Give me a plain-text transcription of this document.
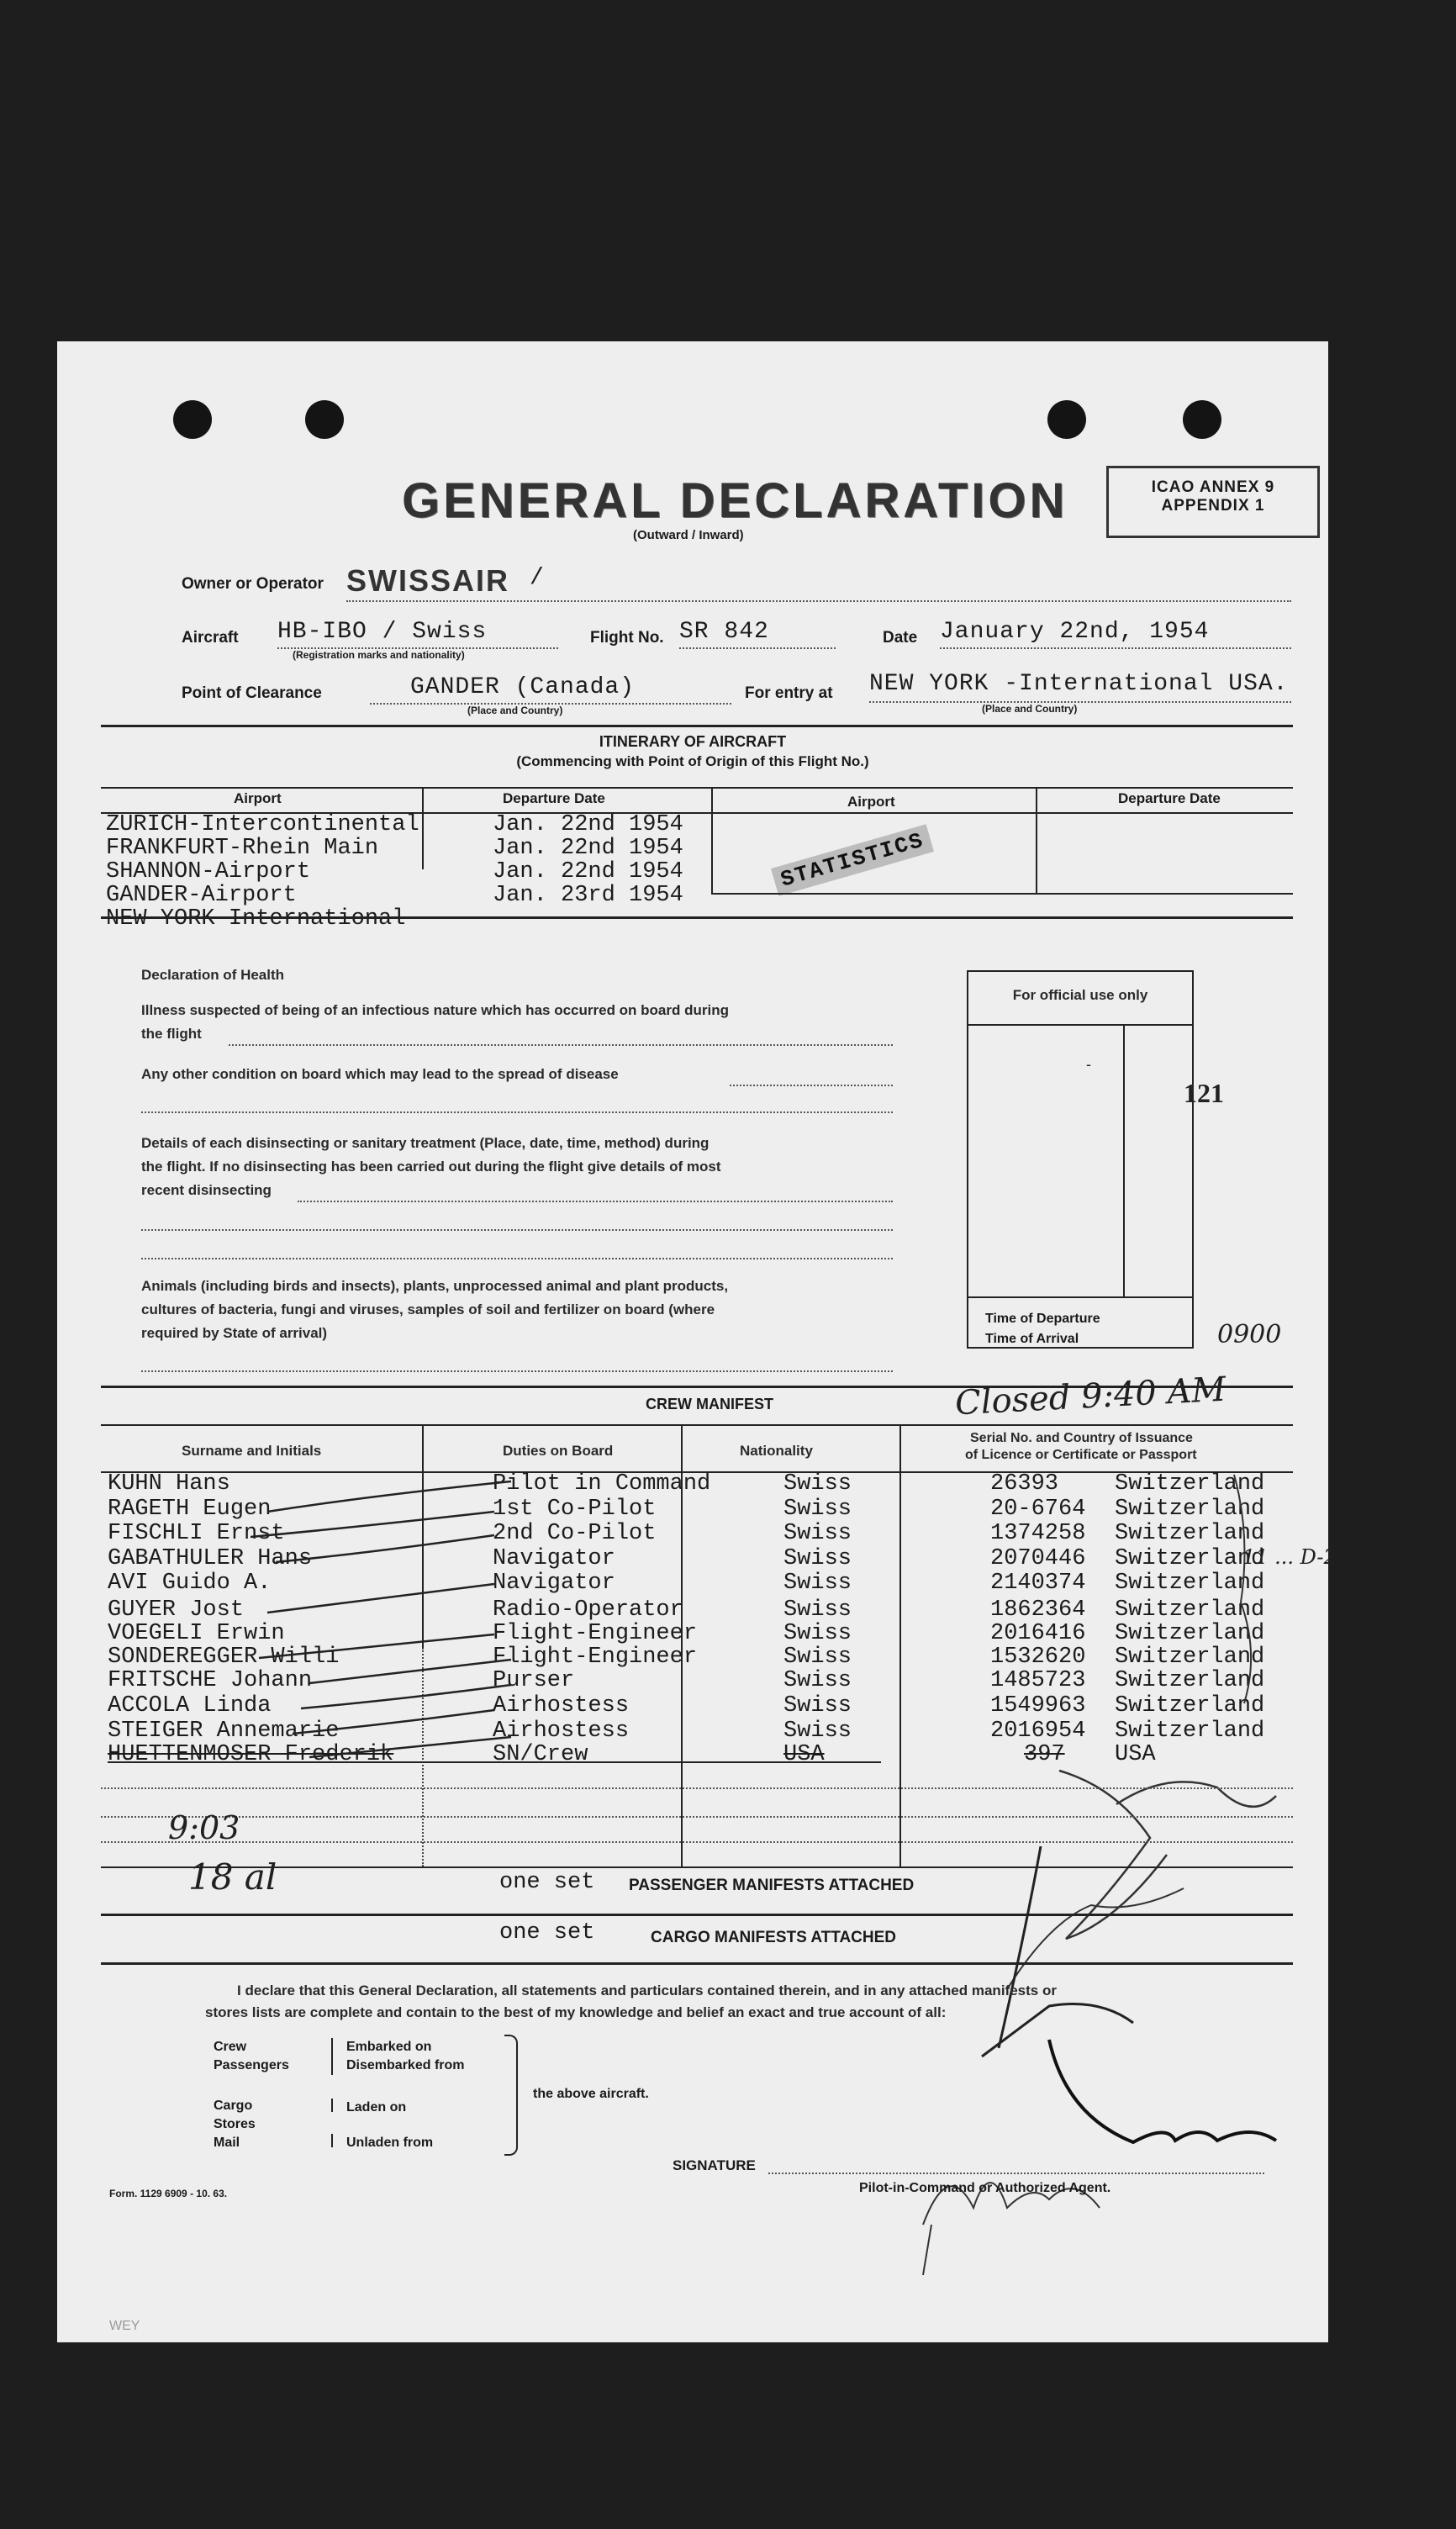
GENERAL DECLARATION
(Outward / Inward)
ICAO ANNEX 9
APPENDIX 1
Owner or Operator SWISSAIR /
Aircraft HB-IBO / Swiss
(Registration marks and nationality)
Flight No. SR 842	Date January 22nd, 1954
Point of Clearance	GANDER (Canada)
(Place and Country)
For entry at NEW YORK -International USA.
(Place and Country)
ITINERARY OF AIRCRAFT
(Commencing with Point of Origin of this Flight No.)
Airport	Departure Date	Airport	Departure Date
ZURICH-Intercontinental	Jan. 22nd 1954
FRANKFURT-Rhein Main	Jan. 22nd 1954
SHANNON-Airport	Jan. 22nd 1954
GANDER-Airport	Jan. 23rd 1954
NEW YORK-International
STATISTICS
Declaration of Health
Illness suspected of being of an infectious nature which has occurred on board during
the flight
Any other condition on board which may lead to the spread of disease
Details of each disinsecting or sanitary treatment (Place, date, time, method) during
the flight. If no disinsecting has been carried out during the flight give details of most
recent disinsecting
Animals (including birds and insects), plants, unprocessed animal and plant products,
cultures of bacteria, fungi and viruses, samples of soil and fertilizer on board (where
required by State of arrival)
For official use only
-
Time of Departure
Time of Arrival
121
0900
CREW MANIFEST	Closed 9:40 AM
Surname and Initials	Duties on Board	Nationality
Serial No. and Country of Issuance
of Licence or Certificate or Passport
KUHN Hans	Pilot in Command	Swiss	26393 Switzerland
RAGETH Eugen	1st Co-Pilot	Swiss	20-6764 Switzerland
FISCHLI Ernst	2nd Co-Pilot	Swiss	1374258 Switzerland
GABATHULER Hans	Navigator	Swiss	2070446 Switzerland
AVI Guido A.	Navigator	Swiss	2140374 Switzerland
GUYER Jost	Radio-Operator	Swiss	1862364 Switzerland
VOEGELI Erwin	Flight-Engineer	Swiss	2016416 Switzerland
SONDEREGGER Willi	Flight-Engineer	Swiss	1532620 Switzerland
FRITSCHE Johann	Purser	Swiss	1485723 Switzerland
ACCOLA Linda	Airhostess	Swiss	1549963 Switzerland
STEIGER Annemarie	Airhostess	Swiss	2016954 Switzerland
HUETTENMOSER Frederik	SN/Crew	USA	397 USA
11 ... D-2
9:03
18 al	one set PASSENGER MANIFESTS ATTACHED
one set	CARGO MANIFESTS ATTACHED
I declare that this General Declaration, all statements and particulars contained therein, and in any attached manifests or
stores lists are complete and contain to the best of my knowledge and belief an exact and true account of all:
Crew
Passengers
Cargo
Stores
Mail
Embarked on
Disembarked from
Laden on
Unladen from
the above aircraft.
SIGNATURE
Pilot-in-Command or Authorized Agent.
Form. 1129 6909 - 10. 63.
WEY
